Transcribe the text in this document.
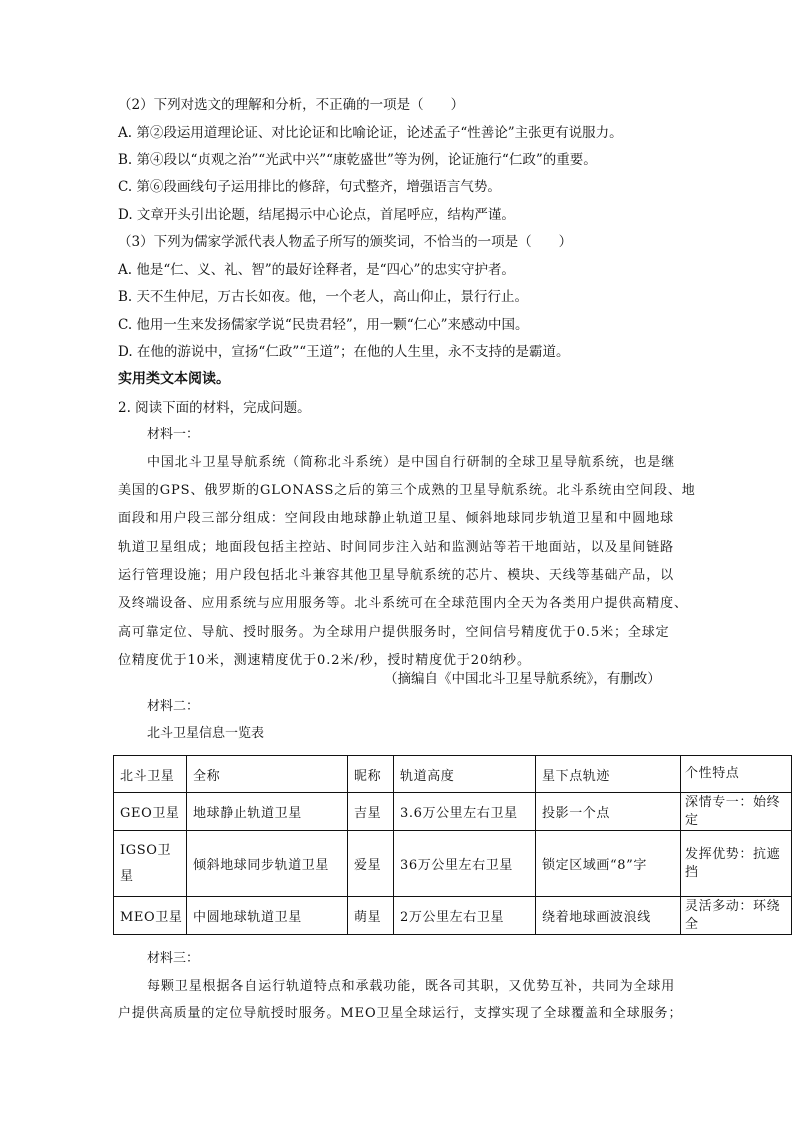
（2）下列对选文的理解和分析，不正确的一项是（　　）
A. 第②段运用道理论证、对比论证和比喻论证，论述孟子“性善论”主张更有说服力。
B. 第④段以“贞观之治”“光武中兴”“康乾盛世”等为例，论证施行“仁政”的重要。
C. 第⑥段画线句子运用排比的修辞，句式整齐，增强语言气势。
D. 文章开头引出论题，结尾揭示中心论点，首尾呼应，结构严谨。
（3）下列为儒家学派代表人物孟子所写的颁奖词，不恰当的一项是（　　）
A. 他是“仁、义、礼、智”的最好诠释者，是“四心”的忠实守护者。
B. 天不生仲尼，万古长如夜。他，一个老人，高山仰止，景行行止。
C. 他用一生来发扬儒家学说“民贵君轻”，用一颗“仁心”来感动中国。
D. 在他的游说中，宣扬“仁政”“王道”；在他的人生里，永不支持的是霸道。
实用类文本阅读。
2. 阅读下面的材料，完成问题。
材料一：
中国北斗卫星导航系统（简称北斗系统）是中国自行研制的全球卫星导航系统，也是继
美国的GPS、俄罗斯的GLONASS之后的第三个成熟的卫星导航系统。北斗系统由空间段、地
面段和用户段三部分组成：空间段由地球静止轨道卫星、倾斜地球同步轨道卫星和中圆地球
轨道卫星组成；地面段包括主控站、时间同步注入站和监测站等若干地面站，以及星间链路
运行管理设施；用户段包括北斗兼容其他卫星导航系统的芯片、模块、天线等基础产品，以
及终端设备、应用系统与应用服务等。北斗系统可在全球范围内全天为各类用户提供高精度、
高可靠定位、导航、授时服务。为全球用户提供服务时，空间信号精度优于0.5米；全球定
位精度优于10米，测速精度优于0.2米/秒，授时精度优于20纳秒。
（摘编自《中国北斗卫星导航系统》，有删改）
材料二：
北斗卫星信息一览表
北斗卫星	全称	昵称	轨道高度	星下点轨迹	个性特点
GEO卫星	地球静止轨道卫星	吉星	3.6万公里左右卫星	投影一个点	深情专一：始终定
IGSO卫星	倾斜地球同步轨道卫星	爱星	36万公里左右卫星	锁定区域画“8”字	发挥优势：抗遮挡
MEO卫星	中圆地球轨道卫星	萌星	2万公里左右卫星	绕着地球画波浪线	灵活多动：环绕全
材料三：
每颗卫星根据各自运行轨道特点和承载功能，既各司其职，又优势互补，共同为全球用
户提供高质量的定位导航授时服务。MEO卫星全球运行，支撑实现了全球覆盖和全球服务；
